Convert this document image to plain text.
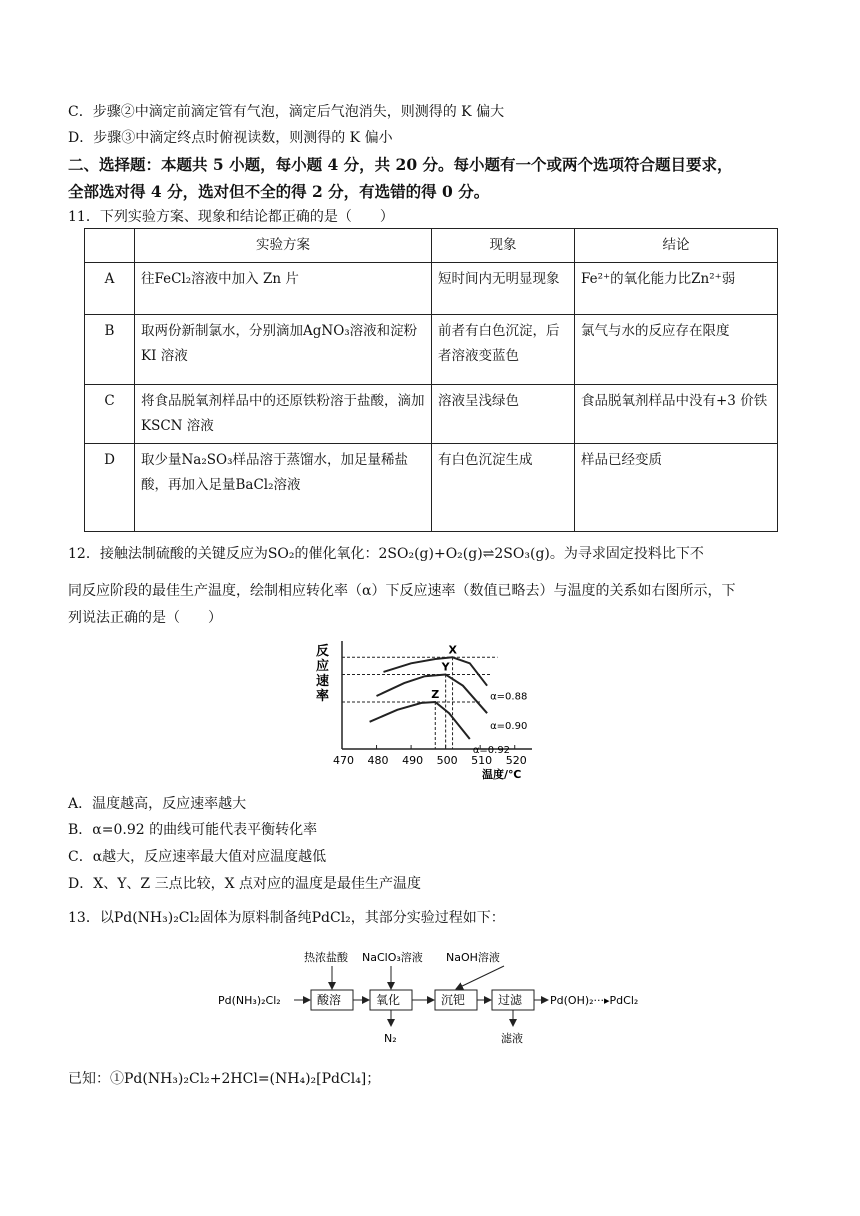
C．步骤②中滴定前滴定管有气泡，滴定后气泡消失，则测得的 K 偏大
D．步骤③中滴定终点时俯视读数，则测得的 K 偏小
二、选择题：本题共 5 小题，每小题 4 分，共 20 分。每小题有一个或两个选项符合题目要求，
全部选对得 4 分，选对但不全的得 2 分，有选错的得 0 分。
11．下列实验方案、现象和结论都正确的是（　　）
	实验方案	现象	结论
A	往FeCl₂溶液中加入 Zn 片	短时间内无明显现象	Fe²⁺的氧化能力比Zn²⁺弱
B	取两份新制氯水，分别滴加AgNO₃溶液和淀粉 KI 溶液	前者有白色沉淀，后者溶液变蓝色	氯气与水的反应存在限度
C	将食品脱氧剂样品中的还原铁粉溶于盐酸，滴加 KSCN 溶液	溶液呈浅绿色	食品脱氧剂样品中没有+3 价铁
D	取少量Na₂SO₃样品溶于蒸馏水，加足量稀盐酸，再加入足量BaCl₂溶液	有白色沉淀生成	样品已经变质
12．接触法制硫酸的关键反应为SO₂的催化氧化：2SO₂(g)+O₂(g)⇌2SO₃(g)。为寻求固定投料比下不
同反应阶段的最佳生产温度，绘制相应转化率（α）下反应速率（数值已略去）与温度的关系如右图所示，下
列说法正确的是（　　）
反
应
速
率
470 480 490 500 510 520
α=0.88
α=0.90
α=0.92
X
Y
Z
温度/℃
A．温度越高，反应速率越大
B．α=0.92 的曲线可能代表平衡转化率
C．α越大，反应速率最大值对应温度越低
D．X、Y、Z 三点比较，X 点对应的温度是最佳生产温度
13．以Pd(NH₃)₂Cl₂固体为原料制备纯PdCl₂，其部分实验过程如下：
Pd(NH₃)₂Cl₂	酸溶	氧化	沉钯	过滤	Pd(OH)₂···▸PdCl₂
热浓盐酸 NaClO₃溶液 NaOH溶液
N₂	滤液
已知：①Pd(NH₃)₂Cl₂+2HCl=(NH₄)₂[PdCl₄]；
